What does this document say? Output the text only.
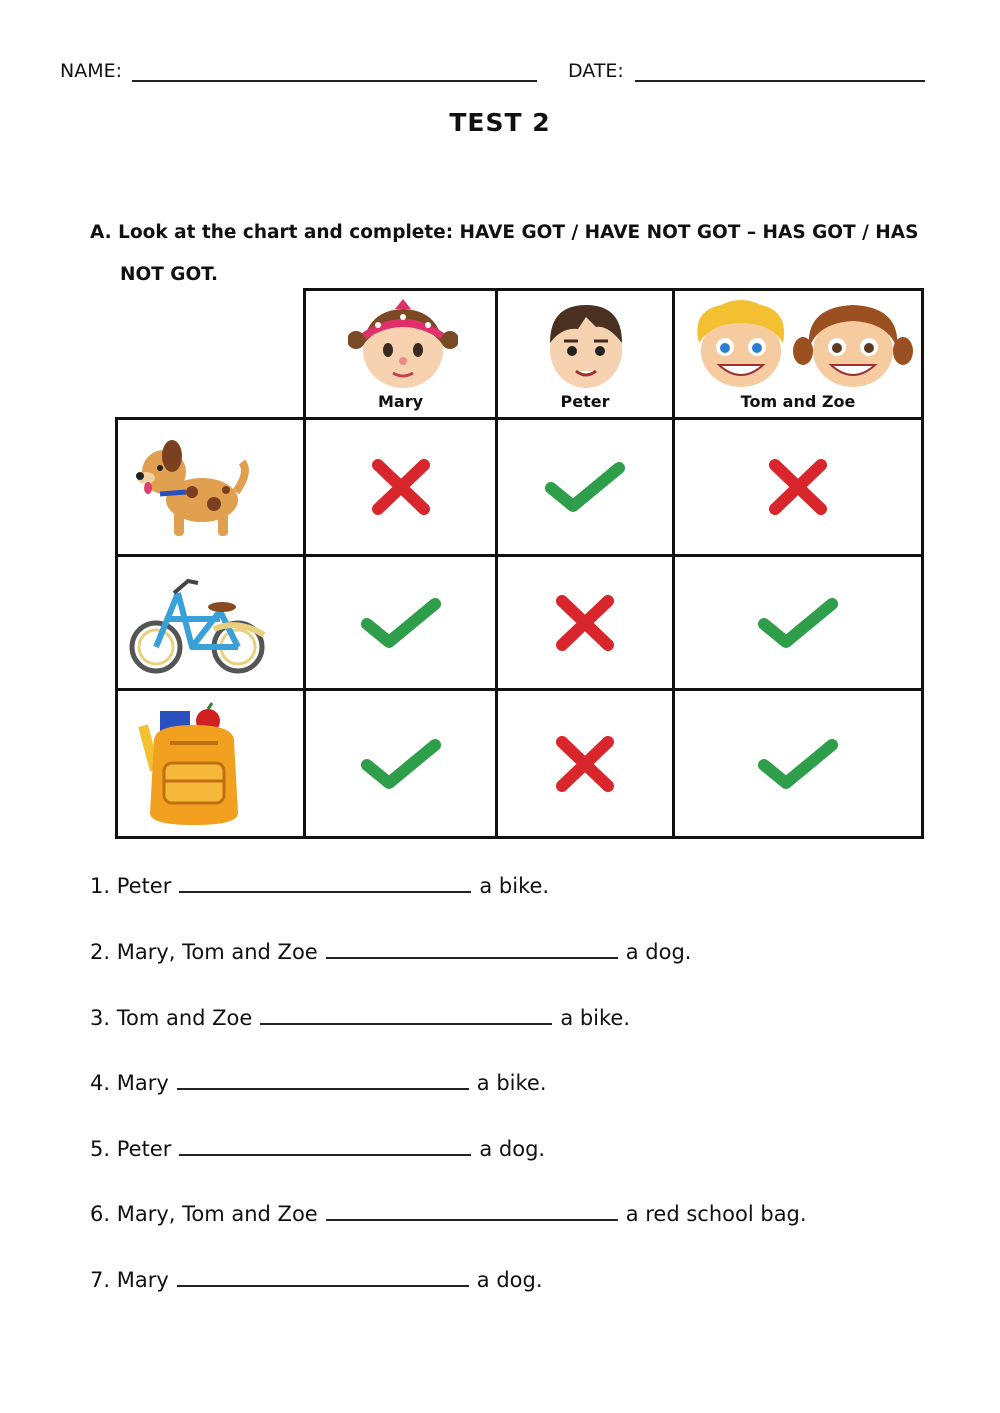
NAME:	DATE:
TEST 2
A. Look at the chart and complete: HAVE GOT / HAVE NOT GOT – HAS GOT / HAS
NOT GOT.
Mary	Peter	Tom and Zoe
1. Peter	a bike.
2. Mary, Tom and Zoe	a dog.
3. Tom and Zoe	a bike.
4. Mary	a bike.
5. Peter	a dog.
6. Mary, Tom and Zoe	a red school bag.
7. Mary	a dog.
